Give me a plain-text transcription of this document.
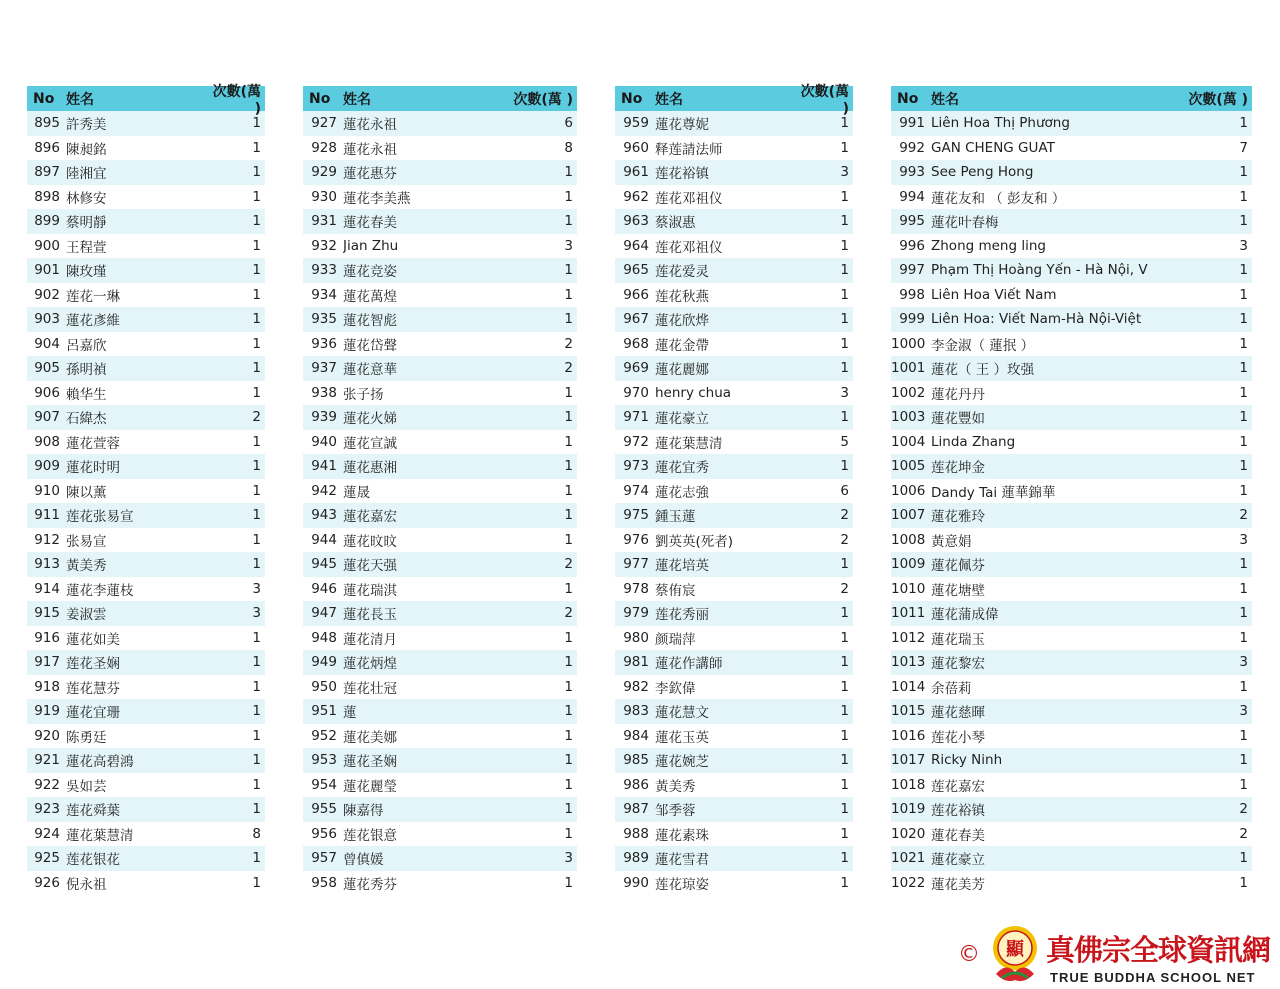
No 姓名	次數(萬 )
895 許秀美	1
896 陳昶銘	1
897 陸湘宜	1
898 林修安	1
899 蔡明靜	1
900 王程萱	1
901 陳玫瑾	1
902 莲花一琳	1
903 蓮花彥維	1
904 呂嘉欣	1
905 孫明禎	1
906 賴华生	1
907 石緯杰	2
908 蓮花萱蓉	1
909 蓮花时明	1
910 陳以薰	1
911 莲花张易宣	1
912 张易宣	1
913 黃美秀	1
914 蓮花李蓮枝	3
915 姜淑雲	3
916 蓮花如美	1
917 莲花圣娴	1
918 莲花慧芬	1
919 蓮花宜珊	1
920 陈勇廷	1
921 蓮花高碧鴻	1
922 吳如芸	1
923 莲花舜葉	1
924 蓮花葉慧清	8
925 莲花银花	1
926 倪永祖	1
No 姓名	次數(萬 )
927 蓮花永祖	6
928 蓮花永祖	8
929 蓮花惠芬	1
930 蓮花李美燕	1
931 蓮花春美	1
932 Jian Zhu	3
933 蓮花竞姿	1
934 蓮花萬煌	1
935 蓮花智彪	1
936 蓮花岱聲	2
937 蓮花意華	2
938 张子扬	1
939 蓮花火娣	1
940 蓮花宣誠	1
941 蓮花惠湘	1
942 蓮晟	1
943 蓮花嘉宏	1
944 蓮花旼旼	1
945 蓮花天强	2
946 蓮花瑞淇	1
947 蓮花長玉	2
948 蓮花清月	1
949 蓮花炳煌	1
950 莲花壮冠	1
951 蓮	1
952 蓮花美娜	1
953 蓮花圣娴	1
954 蓮花麗瑩	1
955 陳嘉得	1
956 莲花银意	1
957 曾傎媛	3
958 蓮花秀芬	1
No 姓名	次數(萬 )
959 蓮花尊妮	1
960 释莲請法师	1
961 莲花裕镇	3
962 莲花邓祖仪	1
963 蔡淑惠	1
964 莲花邓祖仪	1
965 莲花爱灵	1
966 莲花秋燕	1
967 蓮花欣烨	1
968 蓮花金帶	1
969 蓮花麗娜	1
970 henry chua	3
971 蓮花豪立	1
972 蓮花葉慧清	5
973 蓮花宜秀	1
974 蓮花志強	6
975 鍾玉蓮	2
976 劉英英(死者)	2
977 蓮花培英	1
978 蔡侑宸	2
979 莲花秀丽	1
980 颜瑞萍	1
981 蓮花作講師	1
982 李欽偉	1
983 蓮花慧文	1
984 蓮花玉英	1
985 蓮花婉芝	1
986 黃美秀	1
987 邹季蓉	1
988 蓮花素珠	1
989 蓮花雪君	1
990 莲花琼姿	1
No 姓名	次數(萬 )
991 Liên Hoa Thị Phương	1
992 GAN CHENG GUAT	7
993 See Peng Hong	1
994 蓮花友和 （ 彭友和 ）	1
995 蓮花叶春梅	1
996 Zhong meng ling	3
997 Phạm Thị Hoàng Yến - Hà Nội, V	1
998 Liên Hoa Viết Nam	1
999 Liên Hoa: Viết Nam-Hà Nội-Việt	1
1000 李金淑（ 蓮抿 ）	1
1001 蓮花（ 王 ）玫强	1
1002 蓮花丹丹	1
1003 蓮花豐如	1
1004 Linda Zhang	1
1005 莲花坤金	1
1006 Dandy Tai 蓮華錦華	1
1007 蓮花雅玲	2
1008 黃意娟	3
1009 蓮花佩芬	1
1010 蓮花塘壁	1
1011 蓮花蒲成偉	1
1012 蓮花瑞玉	1
1013 蓮花黎宏	3
1014 余蓓莉	1
1015 蓮花慈暉	3
1016 莲花小琴	1
1017 Ricky Ninh	1
1018 莲花嘉宏	1
1019 莲花裕镇	2
1020 蓮花春美	2
1021 蓮花豪立	1
1022 蓮花美芳	1
© 顯 真佛宗全球資訊網
TRUE BUDDHA SCHOOL NET
